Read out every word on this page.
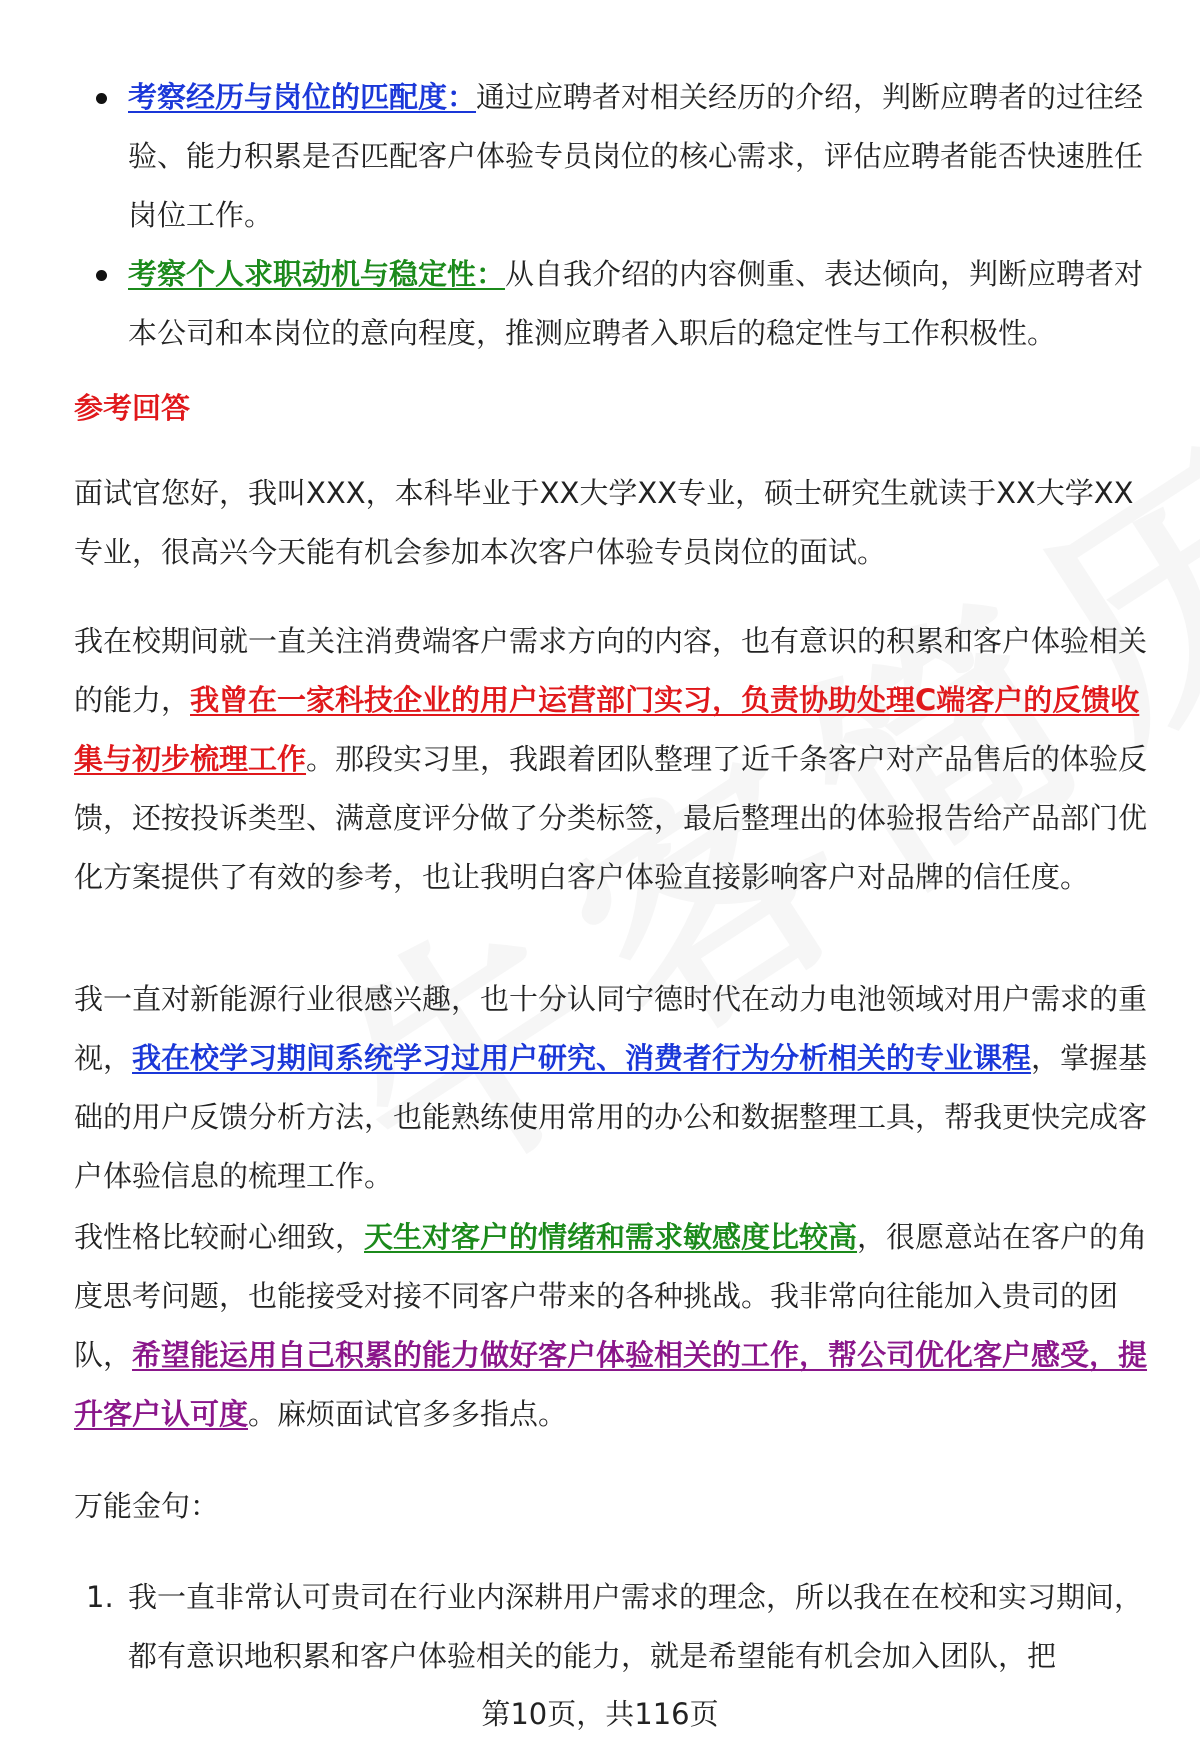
考察经历与岗位的匹配度：通过应聘者对相关经历的介绍，判断应聘者的过往经验、能力积累是否匹配客户体验专员岗位的核心需求，评估应聘者能否快速胜任岗位工作。
考察个人求职动机与稳定性：从自我介绍的内容侧重、表达倾向，判断应聘者对本公司和本岗位的意向程度，推测应聘者入职后的稳定性与工作积极性。
参考回答

面试官您好，我叫XXX，本科毕业于XX大学XX专业，硕士研究生就读于XX大学XX专业，很高兴今天能有机会参加本次客户体验专员岗位的面试。

我在校期间就一直关注消费端客户需求方向的内容，也有意识的积累和客户体验相关的能力，我曾在一家科技企业的用户运营部门实习，负责协助处理C端客户的反馈收集与初步梳理工作。那段实习里，我跟着团队整理了近千条客户对产品售后的体验反馈，还按投诉类型、满意度评分做了分类标签，最后整理出的体验报告给产品部门优化方案提供了有效的参考，也让我明白客户体验直接影响客户对品牌的信任度。

我一直对新能源行业很感兴趣，也十分认同宁德时代在动力电池领域对用户需求的重视，我在校学习期间系统学习过用户研究、消费者行为分析相关的专业课程，掌握基础的用户反馈分析方法，也能熟练使用常用的办公和数据整理工具，帮我更快完成客户体验信息的梳理工作。

我性格比较耐心细致，天生对客户的情绪和需求敏感度比较高，很愿意站在客户的角度思考问题，也能接受对接不同客户带来的各种挑战。我非常向往能加入贵司的团队，希望能运用自己积累的能力做好客户体验相关的工作，帮公司优化客户感受，提升客户认可度。麻烦面试官多多指点。

万能金句：

1. 我一直非常认可贵司在行业内深耕用户需求的理念，所以我在在校和实习期间，都有意识地积累和客户体验相关的能力，就是希望能有机会加入团队，把
第10页，共116页
